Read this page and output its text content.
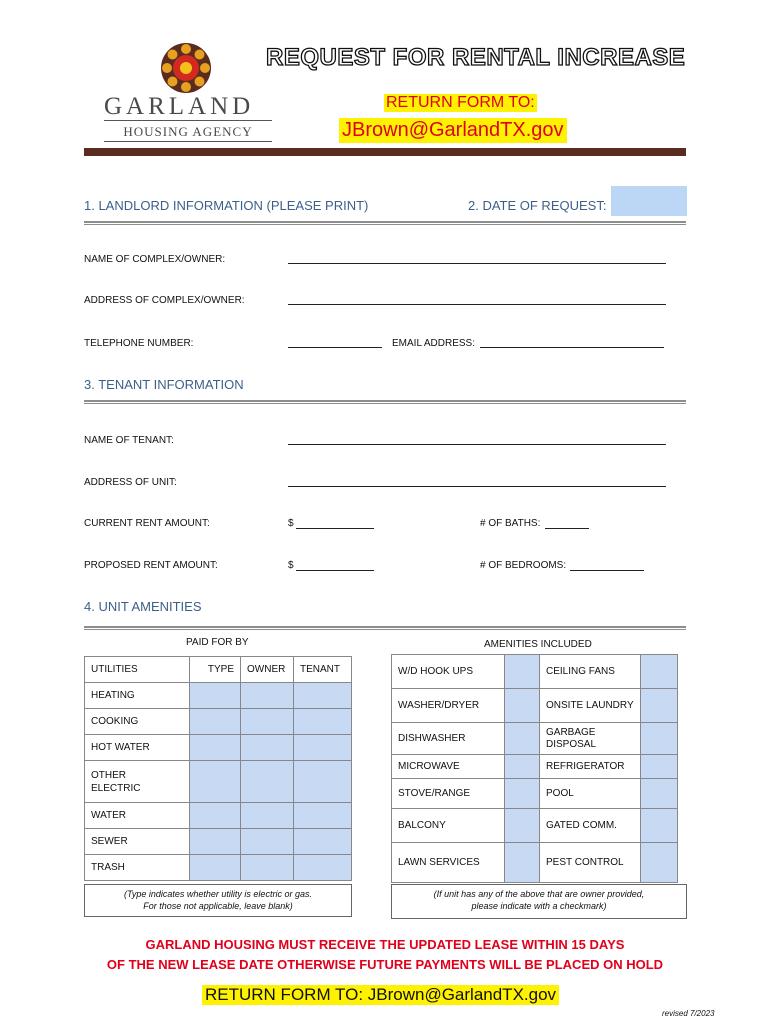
GARLAND
HOUSING AGENCY
REQUEST FOR RENTAL INCREASE
RETURN FORM TO:
JBrown@GarlandTX.gov
1. LANDLORD INFORMATION (PLEASE PRINT)	2. DATE OF REQUEST:
NAME OF COMPLEX/OWNER:
ADDRESS OF COMPLEX/OWNER:
TELEPHONE NUMBER:	EMAIL ADDRESS:
3. TENANT INFORMATION
NAME OF TENANT:
ADDRESS OF UNIT:
CURRENT RENT AMOUNT:	$	# OF BATHS:
PROPOSED RENT AMOUNT:	$	# OF BEDROOMS:
4. UNIT AMENITIES
PAID FOR BY	AMENITIES INCLUDED
UTILITIES	TYPE	OWNER	TENANT
HEATING			
COOKING			
HOT WATER			
OTHER
ELECTRIC			
WATER			
SEWER			
TRASH			
(Type indicates whether utility is electric or gas.
For those not applicable, leave blank)
W/D HOOK UPS		CEILING FANS	
WASHER/DRYER		ONSITE LAUNDRY	
DISHWASHER		GARBAGE
DISPOSAL	
MICROWAVE		REFRIGERATOR	
STOVE/RANGE		POOL	
BALCONY		GATED COMM.	
LAWN SERVICES		PEST CONTROL	
(If unit has any of the above that are owner provided,
please indicate with a checkmark)
GARLAND HOUSING MUST RECEIVE THE UPDATED LEASE WITHIN 15 DAYS
OF THE NEW LEASE DATE OTHERWISE FUTURE PAYMENTS WILL BE PLACED ON HOLD
RETURN FORM TO: JBrown@GarlandTX.gov
revised 7/2023
